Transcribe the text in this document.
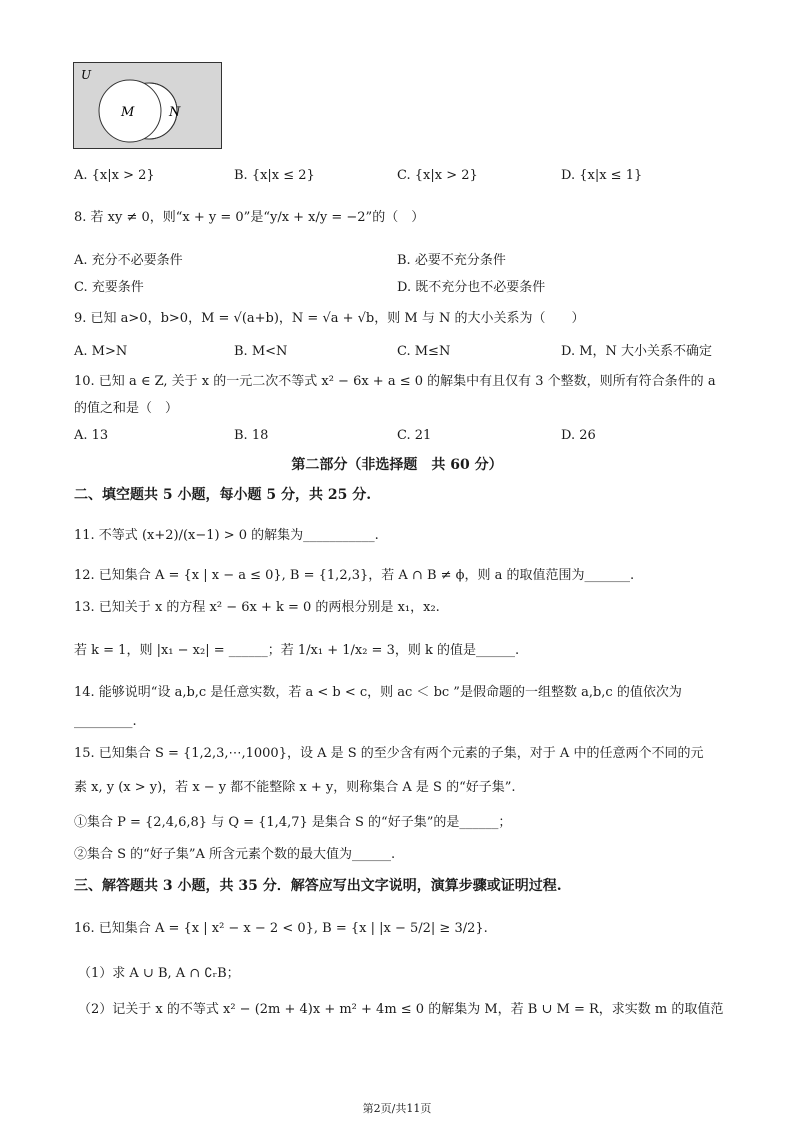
U
M	N
A. {x|x > 2}	B. {x|x ≤ 2}	C. {x|x > 2}	D. {x|x ≤ 1}
8. 若 xy ≠ 0，则“x + y = 0”是“y/x + x/y = −2”的（　）
A. 充分不必要条件	B. 必要不充分条件
C. 充要条件	D. 既不充分也不必要条件
9. 已知 a>0，b>0，M = √(a+b)，N = √a + √b，则 M 与 N 的大小关系为（　　）
A. M>N	B. M<N	C. M≤N	D. M，N 大小关系不确定
10. 已知 a ∈ Z, 关于 x 的一元二次不等式 x² − 6x + a ≤ 0 的解集中有且仅有 3 个整数，则所有符合条件的 a
的值之和是（　）
A. 13	B. 18	C. 21	D. 26
第二部分（非选择题　共 60 分）
二、填空题共 5 小题，每小题 5 分，共 25 分.
11. 不等式 (x+2)/(x−1) > 0 的解集为___________.
12. 已知集合 A = {x | x − a ≤ 0}, B = {1,2,3}，若 A ∩ B ≠ ϕ，则 a 的取值范围为_______.
13. 已知关于 x 的方程 x² − 6x + k = 0 的两根分别是 x₁，x₂.
若 k = 1，则 |x₁ − x₂| = ______；若 1/x₁ + 1/x₂ = 3，则 k 的值是______.
14. 能够说明“设 a,b,c 是任意实数，若 a < b < c，则 ac ＜ bc ”是假命题的一组整数 a,b,c 的值依次为
_________.
15. 已知集合 S = {1,2,3,⋯,1000}，设 A 是 S 的至少含有两个元素的子集，对于 A 中的任意两个不同的元
素 x, y (x > y)，若 x − y 都不能整除 x + y，则称集合 A 是 S 的“好子集”.
①集合 P = {2,4,6,8} 与 Q = {1,4,7} 是集合 S 的“好子集”的是______；
②集合 S 的“好子集”A 所含元素个数的最大值为______.
三、解答题共 3 小题，共 35 分．解答应写出文字说明，演算步骤或证明过程.
16. 已知集合 A = {x | x² − x − 2 < 0}, B = {x | |x − 5/2| ≥ 3/2}.
（1）求 A ∪ B, A ∩ ∁ᵣB；
（2）记关于 x 的不等式 x² − (2m + 4)x + m² + 4m ≤ 0 的解集为 M，若 B ∪ M = R，求实数 m 的取值范
第2页/共11页
